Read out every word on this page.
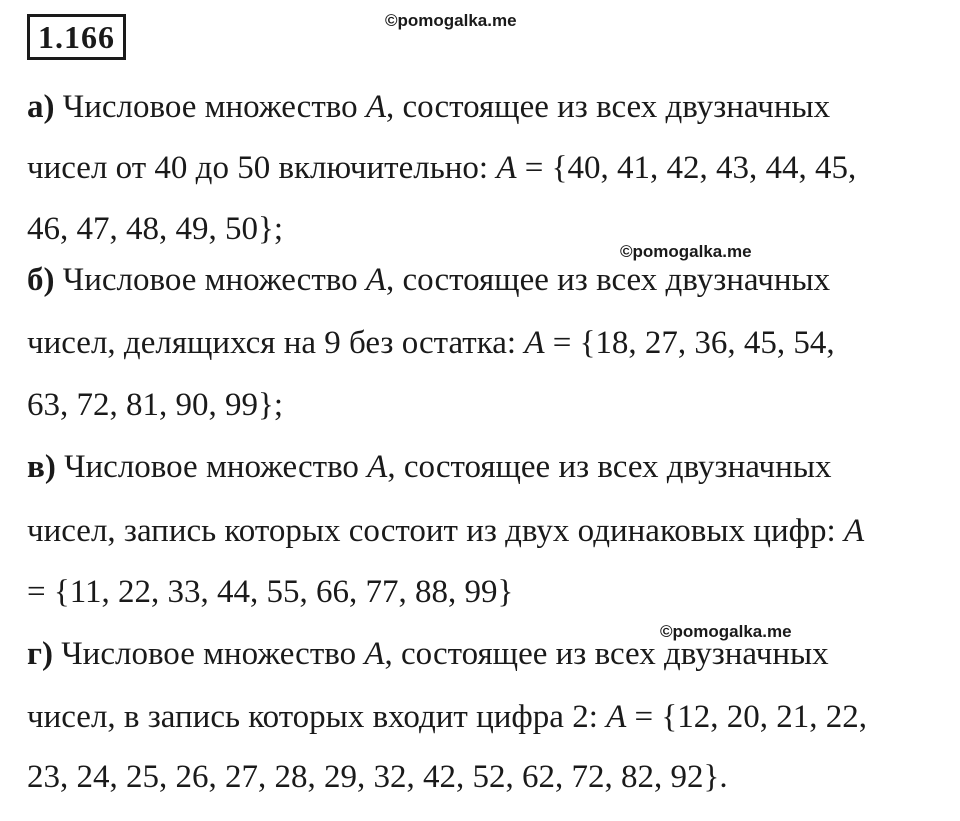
1.166	©pomogalka.me
©pomogalka.me
©pomogalka.me
а) Числовое множество A, состоящее из всех двузначных
чисел от 40 до 50 включительно: A = {40, 41, 42, 43, 44, 45,
46, 47, 48, 49, 50};
б) Числовое множество A, состоящее из всех двузначных
чисел, делящихся на 9 без остатка: A = {18, 27, 36, 45, 54,
63, 72, 81, 90, 99};
в) Числовое множество A, состоящее из всех двузначных
чисел, запись которых состоит из двух одинаковых цифр: A
= {11, 22, 33, 44, 55, 66, 77, 88, 99}
г) Числовое множество A, состоящее из всех двузначных
чисел, в запись которых входит цифра 2: A = {12, 20, 21, 22,
23, 24, 25, 26, 27, 28, 29, 32, 42, 52, 62, 72, 82, 92}.
